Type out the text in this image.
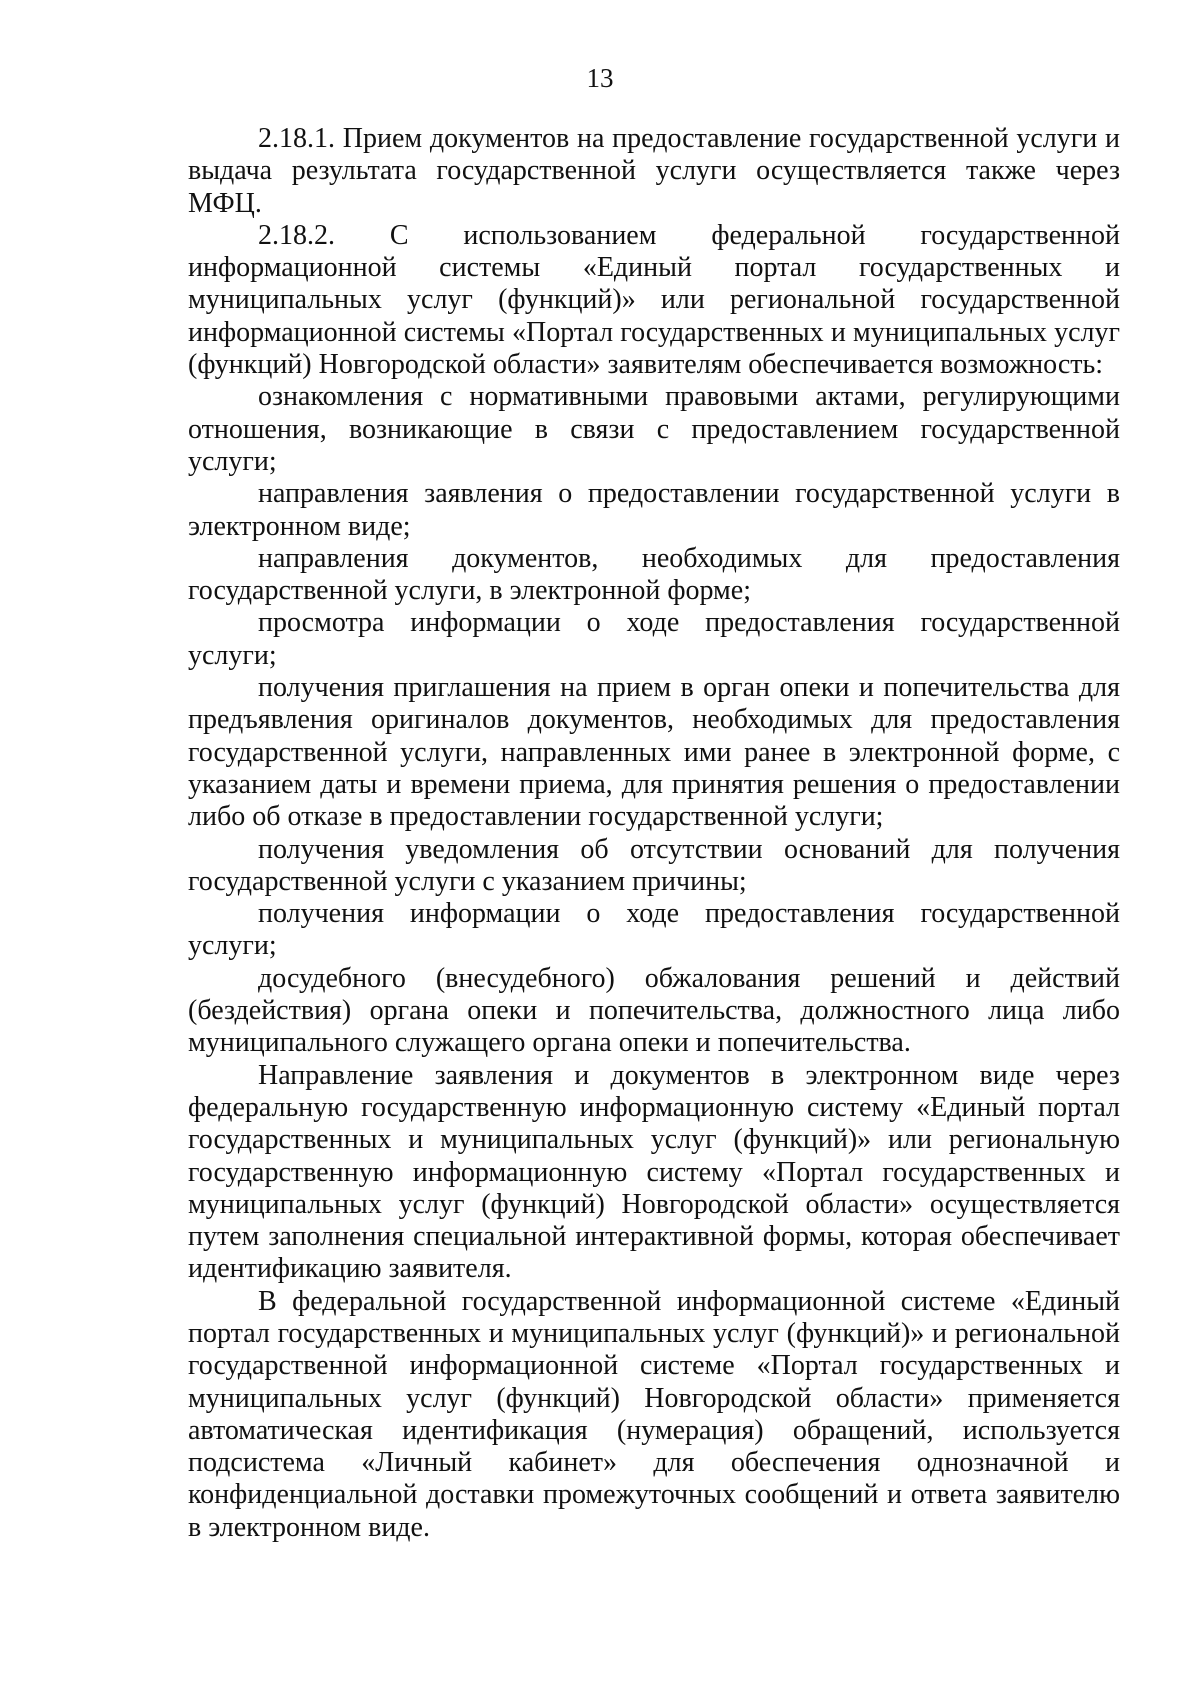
13

2.18.1. Прием документов на предоставление государственной услуги и выдача результата государственной услуги осуществляется также через МФЦ.

2.18.2. С использованием федеральной государственной информационной системы «Единый портал государственных и муниципальных услуг (функций)» или региональной государственной информационной системы «Портал государственных и муниципальных услуг (функций) Новгородской области» заявителям обеспечивается возможность:

ознакомления с нормативными правовыми актами, регулирующими отношения, возникающие в связи с предоставлением государственной услуги;

направления заявления о предоставлении государственной услуги в электронном виде;

направления документов, необходимых для предоставления государственной услуги, в электронной форме;

просмотра информации о ходе предоставления государственной услуги;

получения приглашения на прием в орган опеки и попечительства для предъявления оригиналов документов, необходимых для предоставления государственной услуги, направленных ими ранее в электронной форме, с указанием даты и времени приема, для принятия решения о предоставлении либо об отказе в предоставлении государственной услуги;

получения уведомления об отсутствии оснований для получения государственной услуги с указанием причины;

получения информации о ходе предоставления государственной услуги;

досудебного (внесудебного) обжалования решений и действий (бездействия) органа опеки и попечительства, должностного лица либо муниципального служащего органа опеки и попечительства.

Направление заявления и документов в электронном виде через федеральную государственную информационную систему «Единый портал государственных и муниципальных услуг (функций)» или региональную государственную информационную систему «Портал государственных и муниципальных услуг (функций) Новгородской области» осуществляется путем заполнения специальной интерактивной формы, которая обеспечивает идентификацию заявителя.

В федеральной государственной информационной системе «Единый портал государственных и муниципальных услуг (функций)» и региональной государственной информационной системе «Портал государственных и муниципальных услуг (функций) Новгородской области» применяется автоматическая идентификация (нумерация) обращений, используется подсистема «Личный кабинет» для обеспечения однозначной и конфиденциальной доставки промежуточных сообщений и ответа заявителю в электронном виде.
